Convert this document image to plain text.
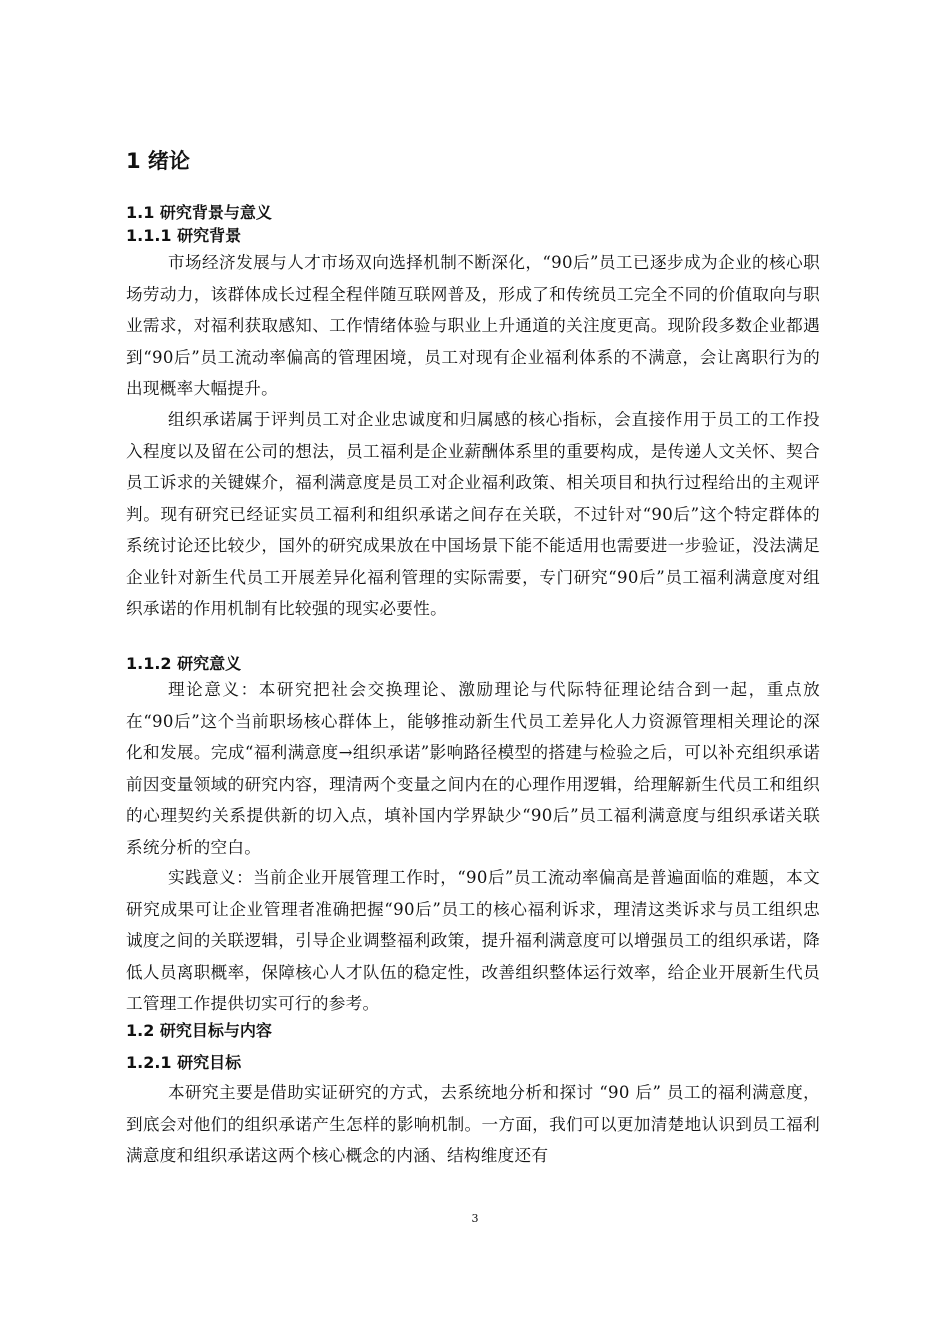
1 绪论
1.1 研究背景与意义
1.1.1 研究背景

市场经济发展与人才市场双向选择机制不断深化，“90后”员工已逐步成为企业的核心职场劳动力，该群体成长过程全程伴随互联网普及，形成了和传统员工完全不同的价值取向与职业需求，对福利获取感知、工作情绪体验与职业上升通道的关注度更高。现阶段多数企业都遇到“90后”员工流动率偏高的管理困境，员工对现有企业福利体系的不满意，会让离职行为的出现概率大幅提升。

组织承诺属于评判员工对企业忠诚度和归属感的核心指标，会直接作用于员工的工作投入程度以及留在公司的想法，员工福利是企业薪酬体系里的重要构成，是传递人文关怀、契合员工诉求的关键媒介，福利满意度是员工对企业福利政策、相关项目和执行过程给出的主观评判。现有研究已经证实员工福利和组织承诺之间存在关联，不过针对“90后”这个特定群体的系统讨论还比较少，国外的研究成果放在中国场景下能不能适用也需要进一步验证，没法满足企业针对新生代员工开展差异化福利管理的实际需要，专门研究“90后”员工福利满意度对组织承诺的作用机制有比较强的现实必要性。

1.1.2 研究意义

理论意义：本研究把社会交换理论、激励理论与代际特征理论结合到一起，重点放在“90后”这个当前职场核心群体上，能够推动新生代员工差异化人力资源管理相关理论的深化和发展。完成“福利满意度→组织承诺”影响路径模型的搭建与检验之后，可以补充组织承诺前因变量领域的研究内容，理清两个变量之间内在的心理作用逻辑，给理解新生代员工和组织的心理契约关系提供新的切入点，填补国内学界缺少“90后”员工福利满意度与组织承诺关联系统分析的空白。

实践意义：当前企业开展管理工作时，“90后”员工流动率偏高是普遍面临的难题，本文研究成果可让企业管理者准确把握“90后”员工的核心福利诉求，理清这类诉求与员工组织忠诚度之间的关联逻辑，引导企业调整福利政策，提升福利满意度可以增强员工的组织承诺，降低人员离职概率，保障核心人才队伍的稳定性，改善组织整体运行效率，给企业开展新生代员工管理工作提供切实可行的参考。

1.2 研究目标与内容
1.2.1 研究目标

本研究主要是借助实证研究的方式，去系统地分析和探讨 “90 后” 员工的福利满意度，到底会对他们的组织承诺产生怎样的影响机制。一方面，我们可以更加清楚地认识到员工福利满意度和组织承诺这两个核心概念的内涵、结构维度还有

3
